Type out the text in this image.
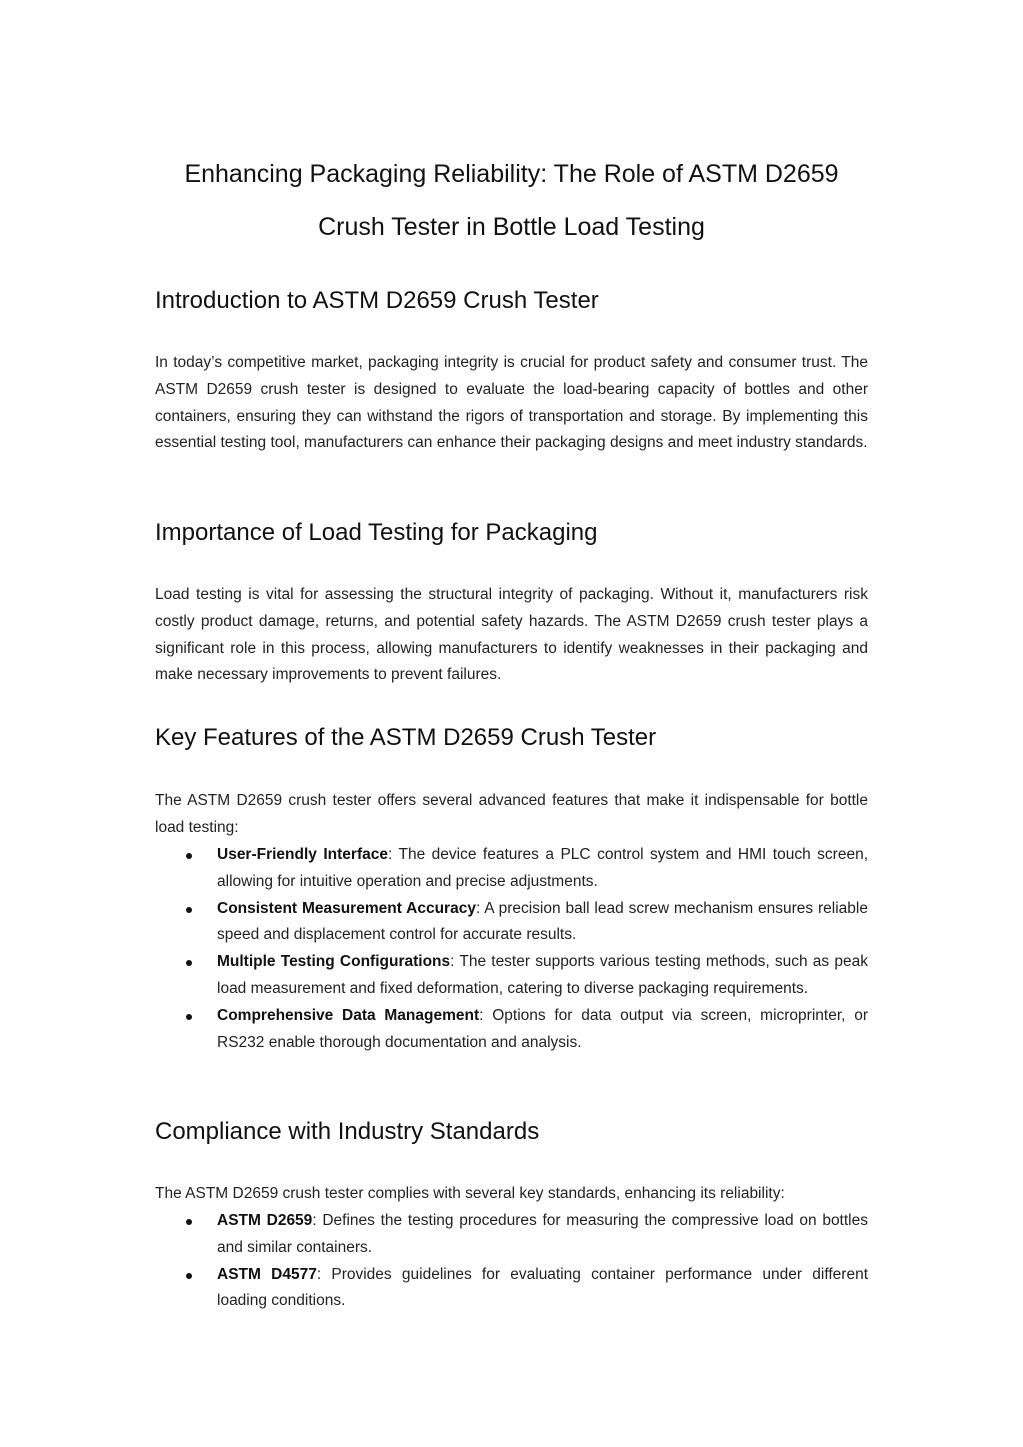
Enhancing Packaging Reliability: The Role of ASTM D2659
Crush Tester in Bottle Load Testing
Introduction to ASTM D2659 Crush Tester

In today’s competitive market, packaging integrity is crucial for product safety and consumer trust. The ASTM D2659 crush tester is designed to evaluate the load-bearing capacity of bottles and other containers, ensuring they can withstand the rigors of transportation and storage. By implementing this essential testing tool, manufacturers can enhance their packaging designs and meet industry standards.

Importance of Load Testing for Packaging

Load testing is vital for assessing the structural integrity of packaging. Without it, manufacturers risk costly product damage, returns, and potential safety hazards. The ASTM D2659 crush tester plays a significant role in this process, allowing manufacturers to identify weaknesses in their packaging and make necessary improvements to prevent failures.

Key Features of the ASTM D2659 Crush Tester

The ASTM D2659 crush tester offers several advanced features that make it indispensable for bottle load testing:

User-Friendly Interface: The device features a PLC control system and HMI touch screen, allowing for intuitive operation and precise adjustments.
Consistent Measurement Accuracy: A precision ball lead screw mechanism ensures reliable speed and displacement control for accurate results.
Multiple Testing Configurations: The tester supports various testing methods, such as peak load measurement and fixed deformation, catering to diverse packaging requirements.
Comprehensive Data Management: Options for data output via screen, microprinter, or RS232 enable thorough documentation and analysis.
Compliance with Industry Standards

The ASTM D2659 crush tester complies with several key standards, enhancing its reliability:

ASTM D2659: Defines the testing procedures for measuring the compressive load on bottles and similar containers.
ASTM D4577: Provides guidelines for evaluating container performance under different loading conditions.
